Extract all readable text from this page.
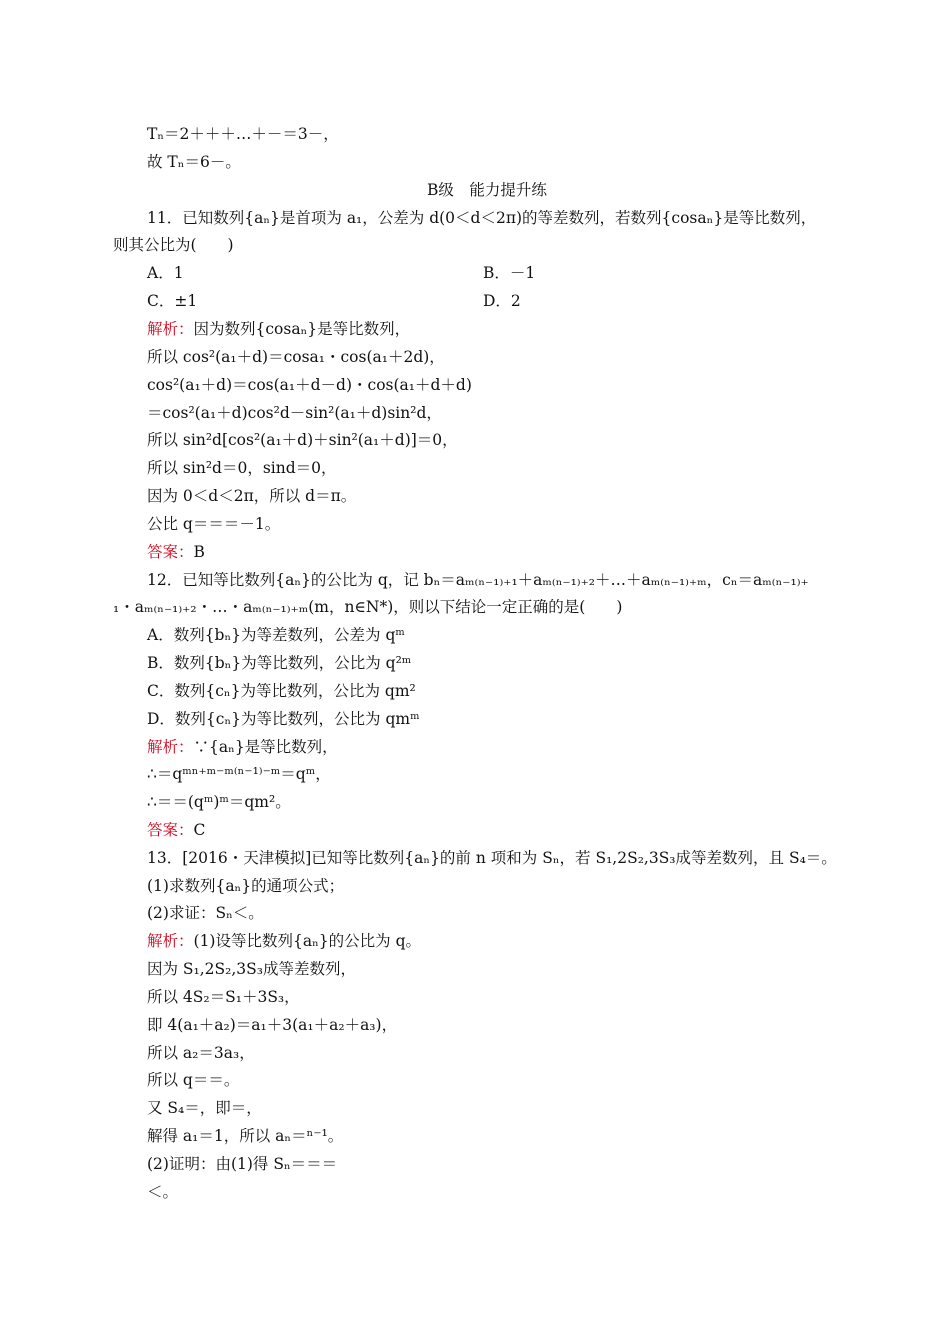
Tₙ＝2＋＋＋…＋－＝3－，
故 Tₙ＝6－。
B级　能力提升练
11．已知数列{aₙ}是首项为 a₁，公差为 d(0＜d＜2π)的等差数列，若数列{cosaₙ}是等比数列，
则其公比为(　　)
A．1	B．－1
C．±1	D．2
解析：因为数列{cosaₙ}是等比数列，
所以 cos²(a₁＋d)＝cosa₁・cos(a₁＋2d)，
cos²(a₁＋d)＝cos(a₁＋d－d)・cos(a₁＋d＋d)
＝cos²(a₁＋d)cos²d－sin²(a₁＋d)sin²d，
所以 sin²d[cos²(a₁＋d)＋sin²(a₁＋d)]＝0，
所以 sin²d＝0，sind＝0，
因为 0＜d＜2π，所以 d＝π。
公比 q＝＝＝－1。
答案：B
12．已知等比数列{aₙ}的公比为 q，记 bₙ＝aₘ₍ₙ₋₁₎₊₁＋aₘ₍ₙ₋₁₎₊₂＋…＋aₘ₍ₙ₋₁₎₊ₘ，cₙ＝aₘ₍ₙ₋₁₎₊
₁・aₘ₍ₙ₋₁₎₊₂・…・aₘ₍ₙ₋₁₎₊ₘ(m，n∈N*)，则以下结论一定正确的是(　　)
A．数列{bₙ}为等差数列，公差为 qᵐ
B．数列{bₙ}为等比数列，公比为 q²ᵐ
C．数列{cₙ}为等比数列，公比为 qm²
D．数列{cₙ}为等比数列，公比为 qmᵐ
解析：∵{aₙ}是等比数列，
∴＝qᵐⁿ⁺ᵐ⁻ᵐ⁽ⁿ⁻¹⁾⁻ᵐ＝qᵐ，
∴＝＝(qᵐ)ᵐ＝qm²。
答案：C
13．[2016・天津模拟]已知等比数列{aₙ}的前 n 项和为 Sₙ，若 S₁,2S₂,3S₃成等差数列，且 S₄＝。
(1)求数列{aₙ}的通项公式；
(2)求证：Sₙ＜。
解析：(1)设等比数列{aₙ}的公比为 q。
因为 S₁,2S₂,3S₃成等差数列，
所以 4S₂＝S₁＋3S₃，
即 4(a₁＋a₂)＝a₁＋3(a₁＋a₂＋a₃)，
所以 a₂＝3a₃，
所以 q＝＝。
又 S₄＝，即＝，
解得 a₁＝1，所以 aₙ＝ⁿ⁻¹。
(2)证明：由(1)得 Sₙ＝＝＝
＜。
